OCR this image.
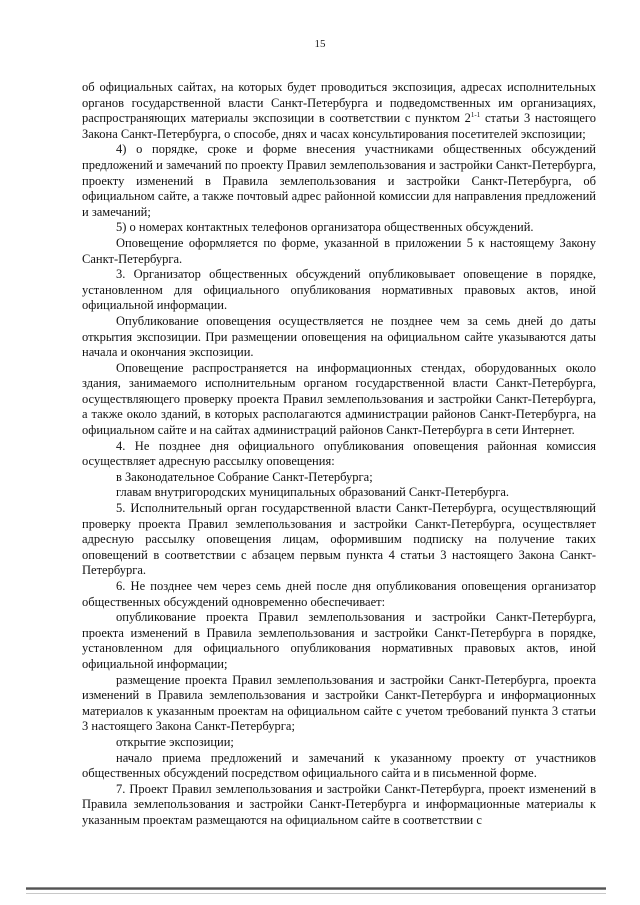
15

об официальных сайтах, на которых будет проводиться экспозиция, адресах исполнительных органов государственной власти Санкт-Петербурга и подведомственных им организациях, распространяющих материалы экспозиции в соответствии с пунктом 2$^{1-1}$ статьи 3 настоящего Закона Санкт-Петербурга, о способе, днях и часах консультирования посетителей экспозиции;

4) о порядке, сроке и форме внесения участниками общественных обсуждений предложений и замечаний по проекту Правил землепользования и застройки Санкт-Петербурга, проекту изменений в Правила землепользования и застройки Санкт-Петербурга, об официальном сайте, а также почтовый адрес районной комиссии для направления предложений и замечаний;

5) о номерах контактных телефонов организатора общественных обсуждений.

Оповещение оформляется по форме, указанной в приложении 5 к настоящему Закону Санкт-Петербурга.

3. Организатор общественных обсуждений опубликовывает оповещение в порядке, установленном для официального опубликования нормативных правовых актов, иной официальной информации.

Опубликование оповещения осуществляется не позднее чем за семь дней до даты открытия экспозиции. При размещении оповещения на официальном сайте указываются даты начала и окончания экспозиции.

Оповещение распространяется на информационных стендах, оборудованных около здания, занимаемого исполнительным органом государственной власти Санкт-Петербурга, осуществляющего проверку проекта Правил землепользования и застройки Санкт-Петербурга, а также около зданий, в которых располагаются администрации районов Санкт-Петербурга, на официальном сайте и на сайтах администраций районов Санкт-Петербурга в сети Интернет.

4. Не позднее дня официального опубликования оповещения районная комиссия осуществляет адресную рассылку оповещения:

в Законодательное Собрание Санкт-Петербурга;

главам внутригородских муниципальных образований Санкт-Петербурга.

5. Исполнительный орган государственной власти Санкт-Петербурга, осуществляющий проверку проекта Правил землепользования и застройки Санкт-Петербурга, осуществляет адресную рассылку оповещения лицам, оформившим подписку на получение таких оповещений в соответствии с абзацем первым пункта 4 статьи 3 настоящего Закона Санкт-Петербурга.

6. Не позднее чем через семь дней после дня опубликования оповещения организатор общественных обсуждений одновременно обеспечивает:

опубликование проекта Правил землепользования и застройки Санкт-Петербурга, проекта изменений в Правила землепользования и застройки Санкт-Петербурга в порядке, установленном для официального опубликования нормативных правовых актов, иной официальной информации;

размещение проекта Правил землепользования и застройки Санкт-Петербурга, проекта изменений в Правила землепользования и застройки Санкт-Петербурга и информационных материалов к указанным проектам на официальном сайте с учетом требований пункта 3 статьи 3 настоящего Закона Санкт-Петербурга;

открытие экспозиции;

начало приема предложений и замечаний к указанному проекту от участников общественных обсуждений посредством официального сайта и в письменной форме.

7. Проект Правил землепользования и застройки Санкт-Петербурга, проект изменений в Правила землепользования и застройки Санкт-Петербурга и информационные материалы к указанным проектам размещаются на официальном сайте в соответствии с
